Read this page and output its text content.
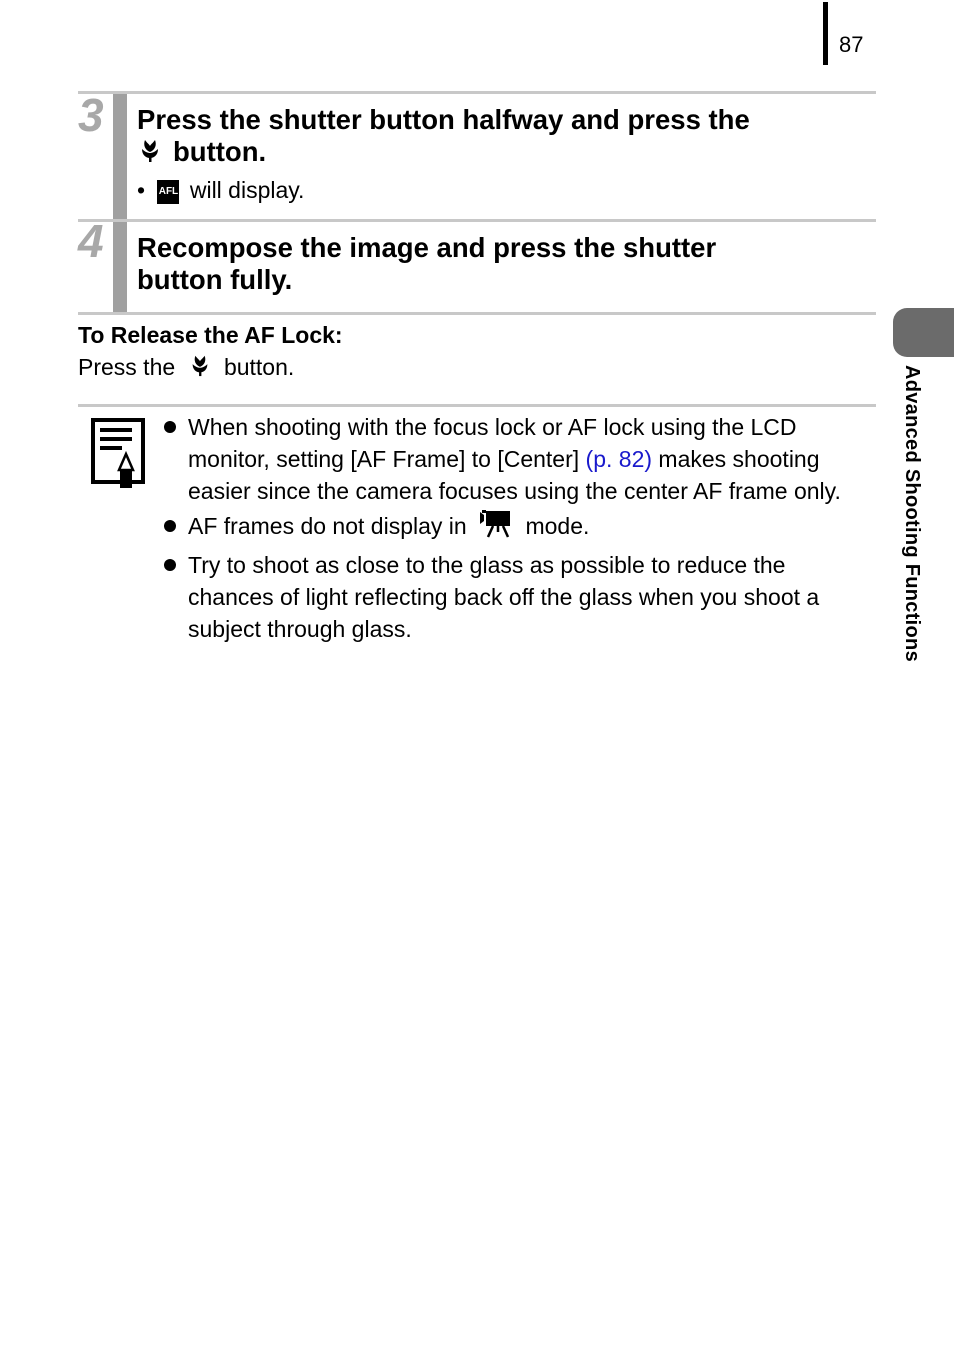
87
3 Press the shutter button halfway and press the
button.
• AFL will display.
4 Recompose the image and press the shutter
button fully.
To Release the AF Lock:
Press the button.
When shooting with the focus lock or AF lock using the LCD monitor, setting [AF Frame] to [Center] (p. 82) makes shooting easier since the camera focuses using the center AF frame only.
AF frames do not display in	mode.
Try to shoot as close to the glass as possible to reduce the chances of light reflecting back off the glass when you shoot a subject through glass.	Advanced Shooting Functions
